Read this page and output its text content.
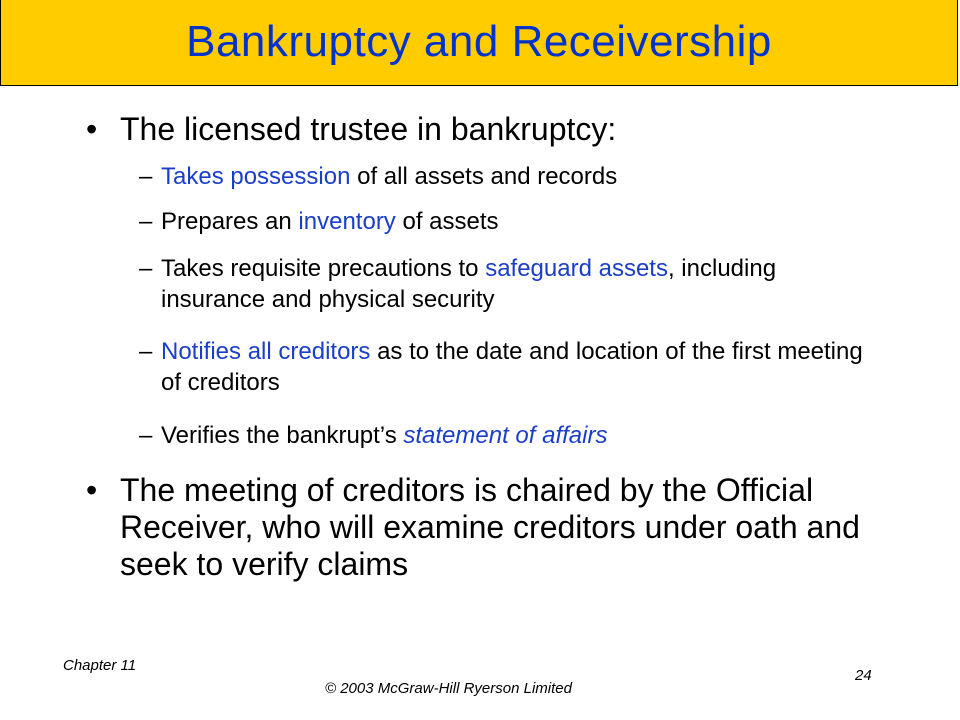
Bankruptcy and Receivership
• The licensed trustee in bankruptcy:
– Takes possession of all assets and records
– Prepares an inventory of assets
– Takes requisite precautions to safeguard assets, including insurance and physical security
– Notifies all creditors as to the date and location of the first meeting of creditors
– Verifies the bankrupt’s statement of affairs
• The meeting of creditors is chaired by the Official Receiver, who will examine creditors under oath and seek to verify claims
Chapter 11
© 2003 McGraw-Hill Ryerson Limited
24
